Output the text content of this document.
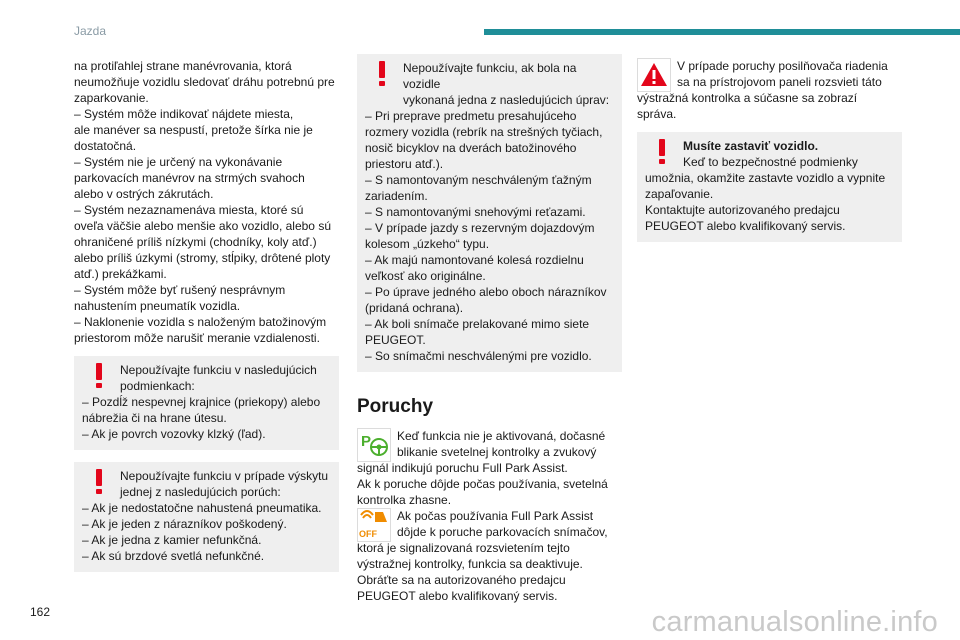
Jazda
na protiľahlej strane manévrovania, ktorá
neumožňuje vozidlu sledovať dráhu potrebnú pre
zaparkovanie.
– Systém môže indikovať nájdete miesta,
ale manéver sa nespustí, pretože šírka nie je
dostatočná.
– Systém nie je určený na vykonávanie
parkovacích manévrov na strmých svahoch
alebo v ostrých zákrutách.
– Systém nezaznamenáva miesta, ktoré sú
oveľa väčšie alebo menšie ako vozidlo, alebo sú
ohraničené príliš nízkymi (chodníky, koly atď.)
alebo príliš úzkymi (stromy, stĺpiky, drôtené ploty
atď.) prekážkami.
– Systém môže byť rušený nesprávnym
nahustením pneumatík vozidla.
– Naklonenie vozidla s naloženým batožinovým
priestorom môže narušiť meranie vzdialenosti.
Nepoužívajte funkciu v nasledujúcich
podmienkach:
– Pozdĺž nespevnej krajnice (priekopy) alebo
nábrežia či na hrane útesu.
– Ak je povrch vozovky klzký (ľad).
Nepoužívajte funkciu v prípade výskytu
jednej z nasledujúcich porúch:
– Ak je nedostatočne nahustená pneumatika.
– Ak je jeden z nárazníkov poškodený.
– Ak je jedna z kamier nefunkčná.
– Ak sú brzdové svetlá nefunkčné.
Nepoužívajte funkciu, ak bola na vozidle
vykonaná jedna z nasledujúcich úprav:
– Pri preprave predmetu presahujúceho
rozmery vozidla (rebrík na strešných tyčiach,
nosič bicyklov na dverách batožinového
priestoru atď.).
– S namontovaným neschváleným ťažným
zariadením.
– S namontovanými snehovými reťazami.
– V prípade jazdy s rezervným dojazdovým
kolesom „úzkeho“ typu.
– Ak majú namontované kolesá rozdielnu
veľkosť ako originálne.
– Po úprave jedného alebo oboch nárazníkov
(pridaná ochrana).
– Ak boli snímače prelakované mimo siete
PEUGEOT.
– So snímačmi neschválenými pre vozidlo.
Poruchy
P Keď funkcia nie je aktivovaná, dočasné
blikanie svetelnej kontrolky a zvukový
signál indikujú poruchu Full Park Assist.
Ak k poruche dôjde počas používania, svetelná
kontrolka zhasne.
OFF
Ak počas používania Full Park Assist
dôjde k poruche parkovacích snímačov,
ktorá je signalizovaná rozsvietením tejto
výstražnej kontrolky, funkcia sa deaktivuje.
Obráťte sa na autorizovaného predajcu
PEUGEOT alebo kvalifikovaný servis.
V prípade poruchy posilňovača riadenia
sa na prístrojovom paneli rozsvieti táto
výstražná kontrolka a súčasne sa zobrazí
správa.
Musíte zastaviť vozidlo.
Keď to bezpečnostné podmienky
umožnia, okamžite zastavte vozidlo a vypnite
zapaľovanie.
Kontaktujte autorizovaného predajcu
PEUGEOT alebo kvalifikovaný servis.
162	carmanualsonline.info
